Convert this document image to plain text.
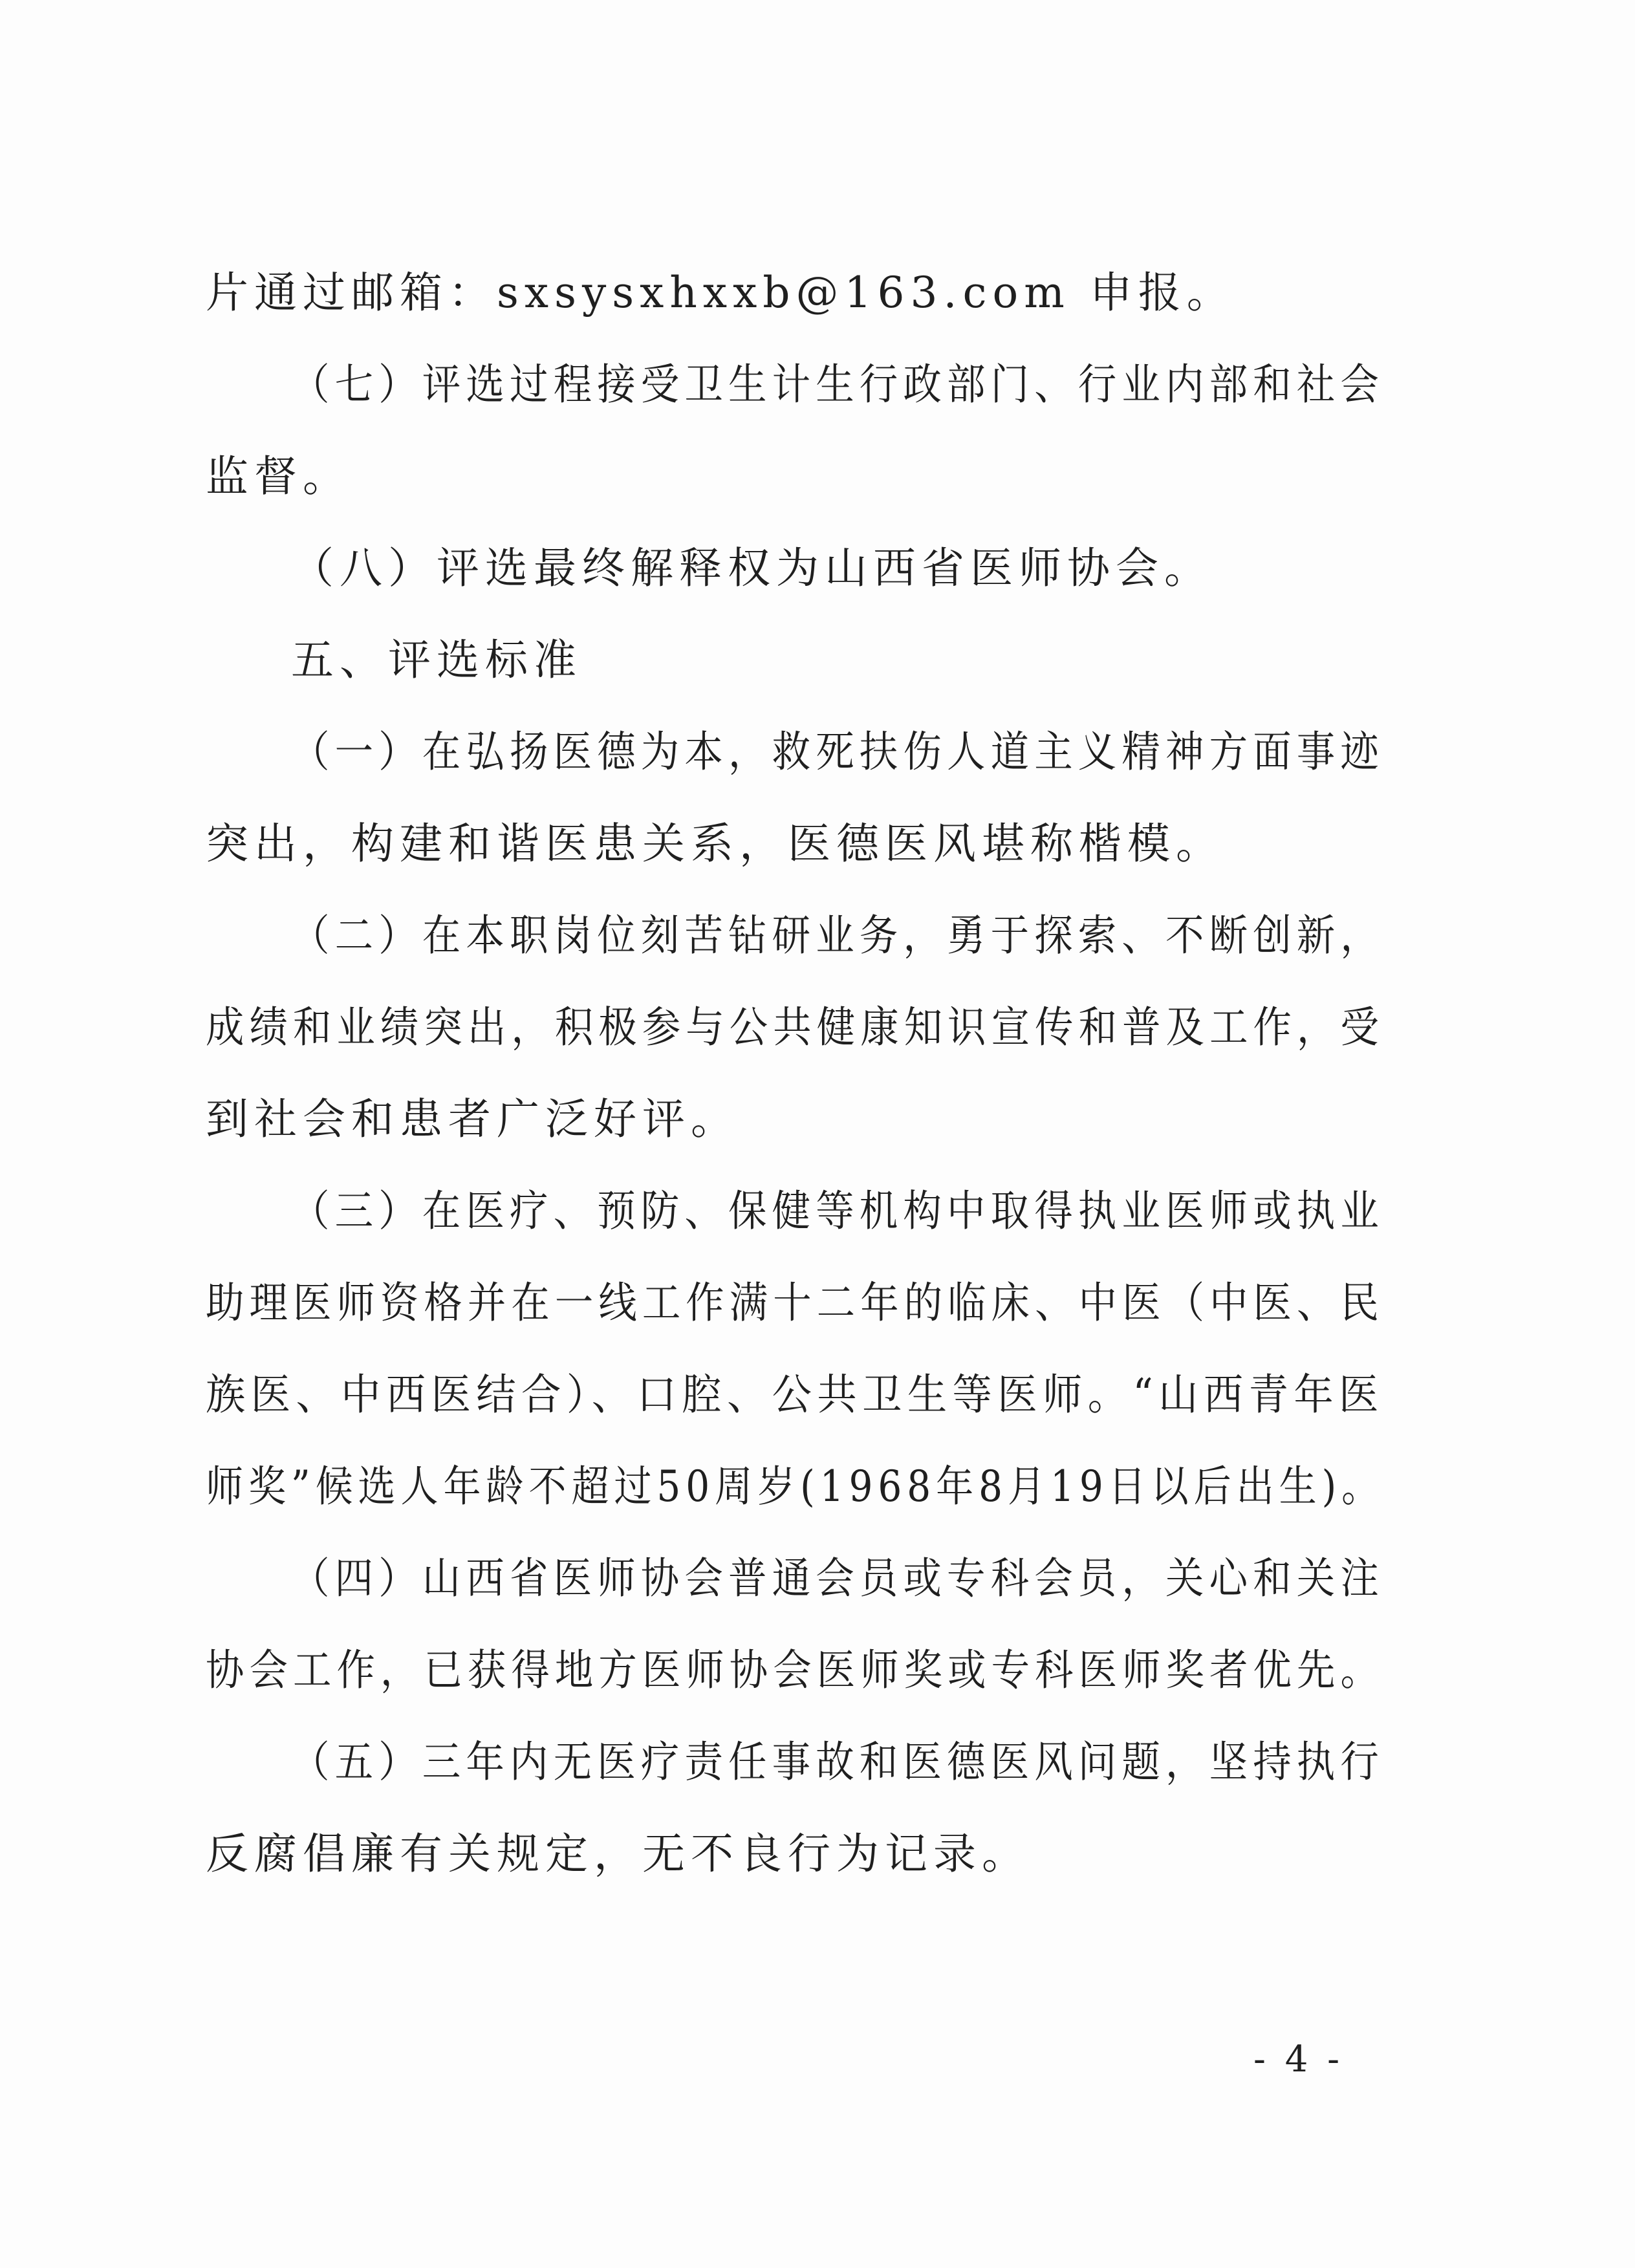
片通过邮箱：sxsysxhxxb@163.com 申报。
（七）评选过程接受卫生计生行政部门、行业内部和社会
监督。
（八）评选最终解释权为山西省医师协会。
五、评选标准
（一）在弘扬医德为本，救死扶伤人道主义精神方面事迹
突出，构建和谐医患关系，医德医风堪称楷模。
（二）在本职岗位刻苦钻研业务，勇于探索、不断创新，
成绩和业绩突出，积极参与公共健康知识宣传和普及工作，受
到社会和患者广泛好评。
（三）在医疗、预防、保健等机构中取得执业医师或执业
助理医师资格并在一线工作满十二年的临床、中医（中医、民
族医、中西医结合）、口腔、公共卫生等医师。“山西青年医
师奖”候选人年龄不超过50周岁(1968年8月19日以后出生)。
（四）山西省医师协会普通会员或专科会员，关心和关注
协会工作，已获得地方医师协会医师奖或专科医师奖者优先。
（五）三年内无医疗责任事故和医德医风问题，坚持执行
反腐倡廉有关规定，无不良行为记录。
- 4 -
